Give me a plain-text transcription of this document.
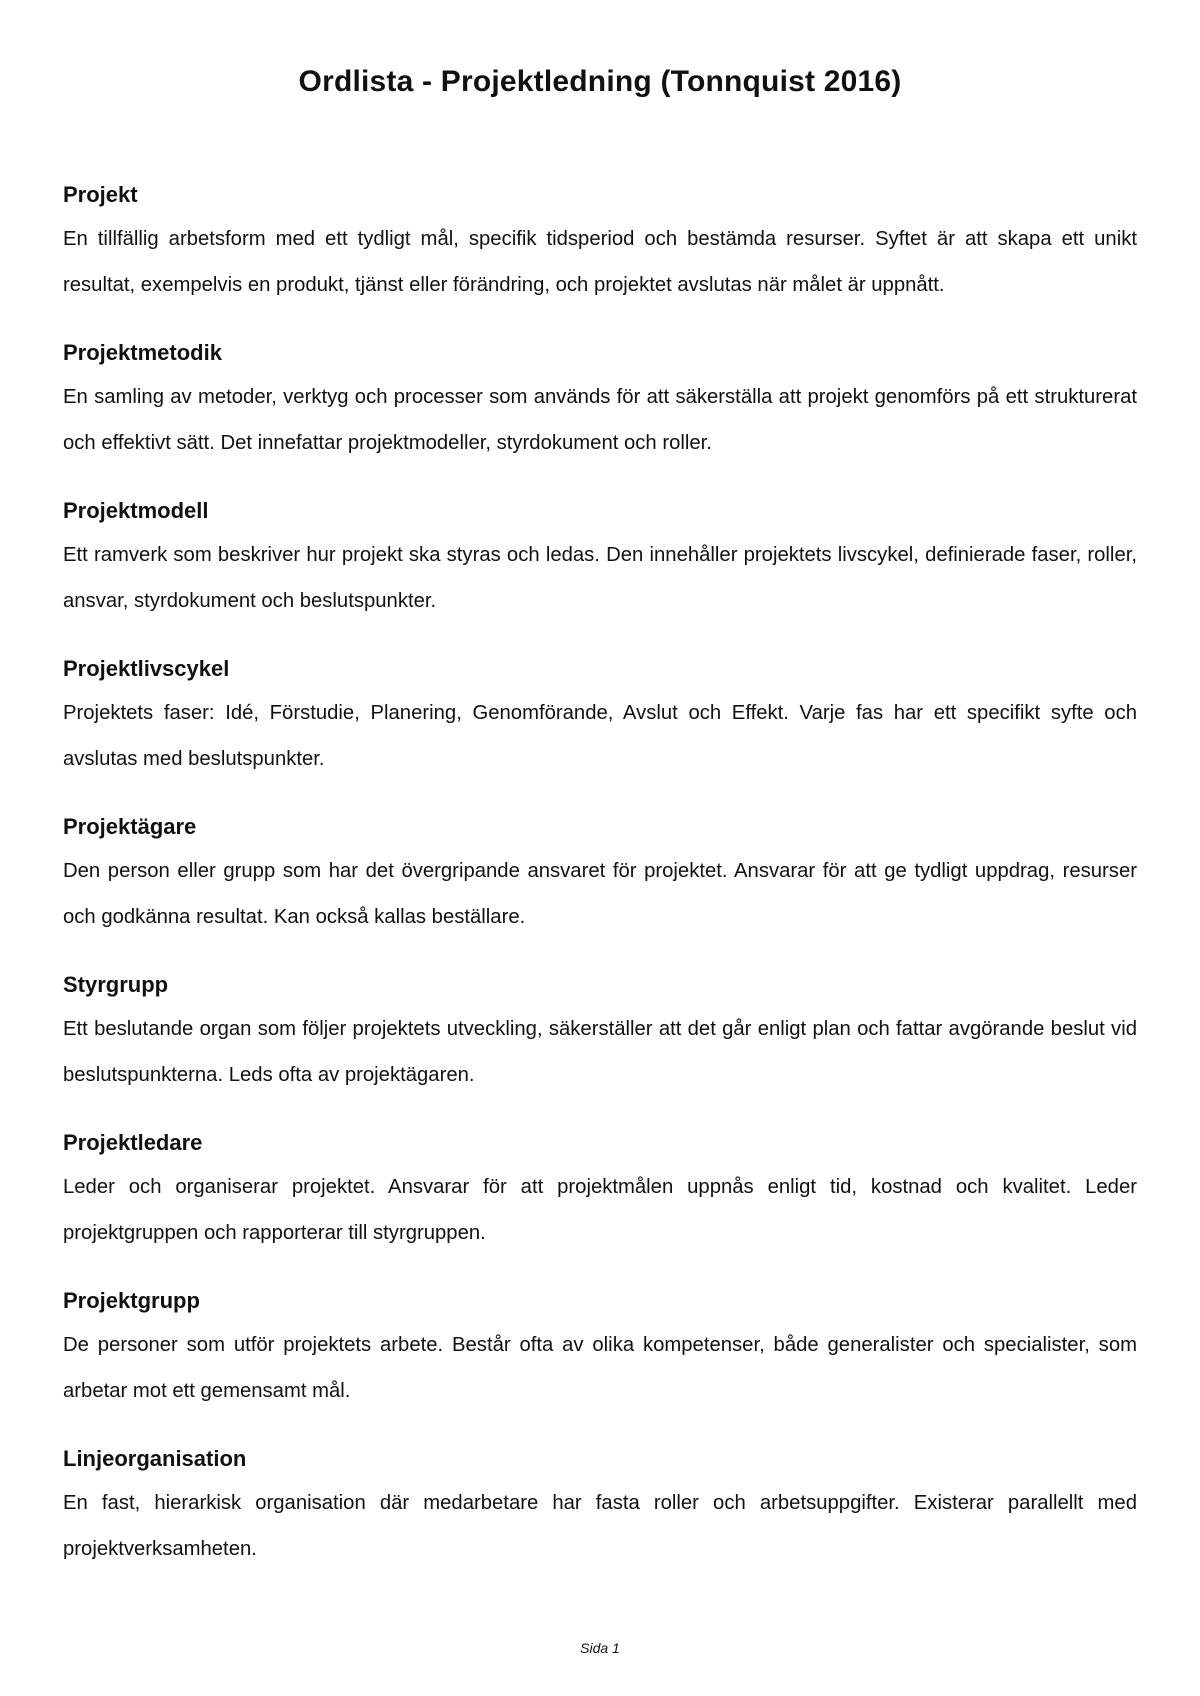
Ordlista - Projektledning (Tonnquist 2016)
Projekt

En tillfällig arbetsform med ett tydligt mål, specifik tidsperiod och bestämda resurser. Syftet är att skapa ett unikt resultat, exempelvis en produkt, tjänst eller förändring, och projektet avslutas när målet är uppnått.

Projektmetodik

En samling av metoder, verktyg och processer som används för att säkerställa att projekt genomförs på ett strukturerat och effektivt sätt. Det innefattar projektmodeller, styrdokument och roller.

Projektmodell

Ett ramverk som beskriver hur projekt ska styras och ledas. Den innehåller projektets livscykel, definierade faser, roller, ansvar, styrdokument och beslutspunkter.

Projektlivscykel

Projektets faser: Idé, Förstudie, Planering, Genomförande, Avslut och Effekt. Varje fas har ett specifikt syfte och avslutas med beslutspunkter.

Projektägare

Den person eller grupp som har det övergripande ansvaret för projektet. Ansvarar för att ge tydligt uppdrag, resurser och godkänna resultat. Kan också kallas beställare.

Styrgrupp

Ett beslutande organ som följer projektets utveckling, säkerställer att det går enligt plan och fattar avgörande beslut vid beslutspunkterna. Leds ofta av projektägaren.

Projektledare

Leder och organiserar projektet. Ansvarar för att projektmålen uppnås enligt tid, kostnad och kvalitet. Leder projektgruppen och rapporterar till styrgruppen.

Projektgrupp

De personer som utför projektets arbete. Består ofta av olika kompetenser, både generalister och specialister, som arbetar mot ett gemensamt mål.

Linjeorganisation

En fast, hierarkisk organisation där medarbetare har fasta roller och arbetsuppgifter. Existerar parallellt med projektverksamheten.

Sida 1
